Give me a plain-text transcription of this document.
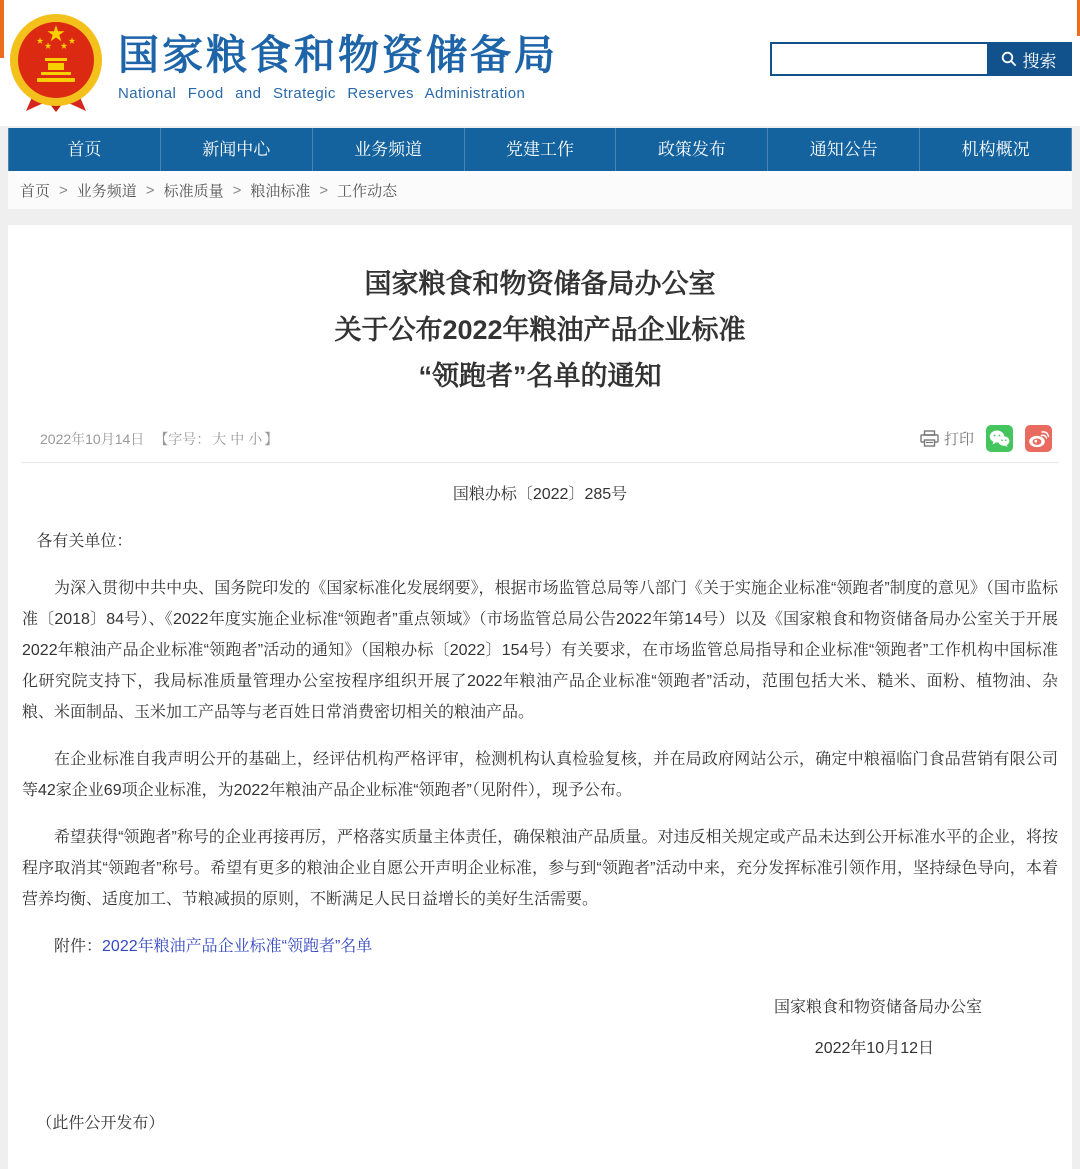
国家粮食和物资储备局
National Food and Strategic Reserves Administration
搜索
首页	新闻中心	业务频道	党建工作	政策发布	通知公告	机构概况
首页 > 业务频道 > 标准质量 > 粮油标准 > 工作动态
国家粮食和物资储备局办公室
关于公布2022年粮油产品企业标准
“领跑者”名单的通知
2022年10月14日 【字号： 大 中 小 】	打印
国粮办标〔2022〕285号
各有关单位：
为深入贯彻中共中央、国务院印发的《国家标准化发展纲要》，根据市场监管总局等八部门《关于实施企业标准“领跑者”制度的意见》（国市监标准〔2018〕84号）、《2022年度实施企业标准“领跑者”重点领域》（市场监管总局公告2022年第14号）以及《国家粮食和物资储备局办公室关于开展2022年粮油产品企业标准“领跑者”活动的通知》（国粮办标〔2022〕154号）有关要求，在市场监管总局指导和企业标准“领跑者”工作机构中国标准化研究院支持下，我局标准质量管理办公室按程序组织开展了2022年粮油产品企业标准“领跑者”活动，范围包括大米、糙米、面粉、植物油、杂粮、米面制品、玉米加工产品等与老百姓日常消费密切相关的粮油产品。
在企业标准自我声明公开的基础上，经评估机构严格评审，检测机构认真检验复核，并在局政府网站公示，确定中粮福临门食品营销有限公司等42家企业69项企业标准，为2022年粮油产品企业标准“领跑者”（见附件），现予公布。
希望获得“领跑者”称号的企业再接再厉，严格落实质量主体责任，确保粮油产品质量。对违反相关规定或产品未达到公开标准水平的企业，将按程序取消其“领跑者”称号。希望有更多的粮油企业自愿公开声明企业标准，参与到“领跑者”活动中来，充分发挥标准引领作用，坚持绿色导向，本着营养均衡、适度加工、节粮减损的原则，不断满足人民日益增长的美好生活需要。
附件：2022年粮油产品企业标准“领跑者”名单
国家粮食和物资储备局办公室
2022年10月12日
（此件公开发布）
